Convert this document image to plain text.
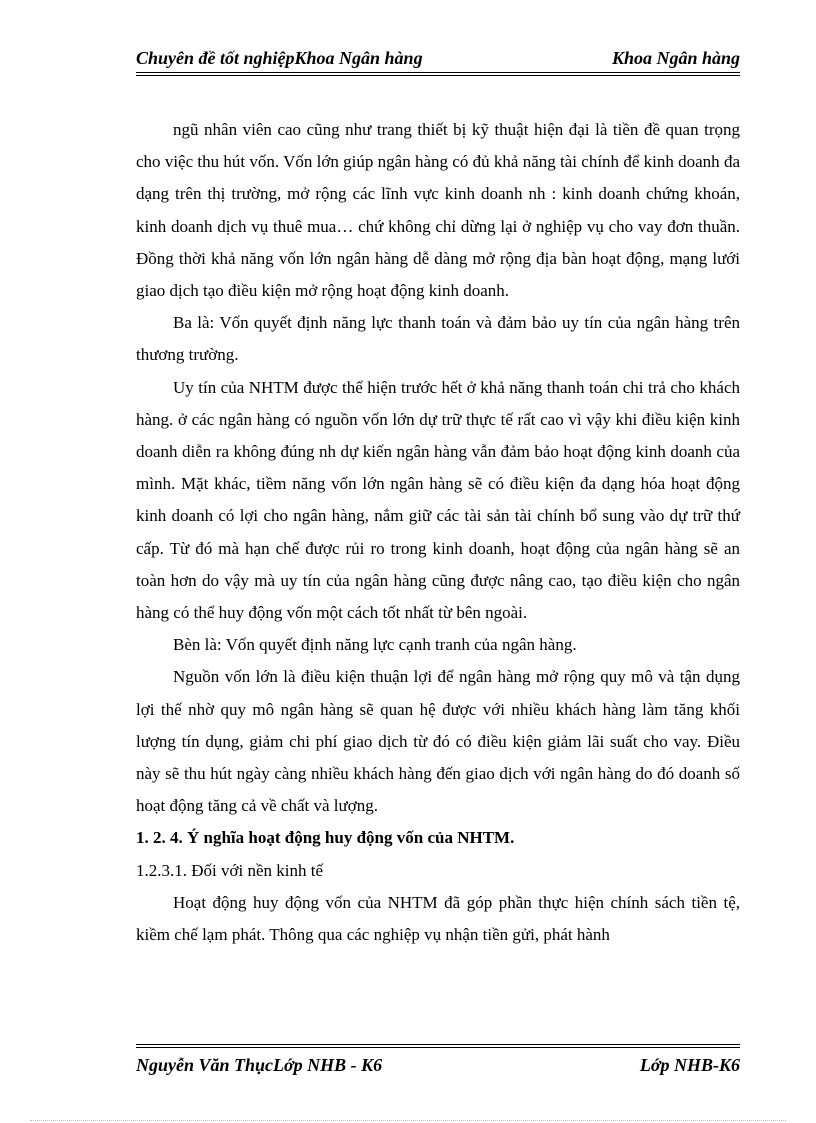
Chuyên đề tốt nghiệpKhoa Ngân hàng	Khoa Ngân hàng

ngũ nhân viên cao cũng như trang thiết bị kỹ thuật hiện đại là tiền đề quan trọng cho việc thu hút vốn. Vốn lớn giúp ngân hàng có đủ khả năng tài chính để kinh doanh đa dạng trên thị trường, mở rộng các lĩnh vực kinh doanh nh : kinh doanh chứng khoán, kinh doanh dịch vụ thuê mua… chứ không chỉ dừng lại ở nghiệp vụ cho vay đơn thuần. Đồng thời khả năng vốn lớn ngân hàng dễ dàng mở rộng địa bàn hoạt động, mạng lưới giao dịch tạo điều kiện mở rộng hoạt động kinh doanh.

Ba là: Vốn quyết định năng lực thanh toán và đảm bảo uy tín của ngân hàng trên thương trường.

Uy tín của NHTM được thể hiện trước hết ở khả năng thanh toán chi trả cho khách hàng. ở các ngân hàng có nguồn vốn lớn dự trữ thực tế rất cao vì vậy khi điều kiện kinh doanh diễn ra không đúng nh dự kiến ngân hàng vẫn đảm bảo hoạt động kinh doanh của mình. Mặt khác, tiềm năng vốn lớn ngân hàng sẽ có điều kiện đa dạng hóa hoạt động kinh doanh có lợi cho ngân hàng, nắm giữ các tài sản tài chính bổ sung vào dự trữ thứ cấp. Từ đó mà hạn chế được rủi ro trong kinh doanh, hoạt động của ngân hàng sẽ an toàn hơn do vậy mà uy tín của ngân hàng cũng được nâng cao, tạo điều kiện cho ngân hàng có thể huy động vốn một cách tốt nhất từ bên ngoài.

Bèn là: Vốn quyết định năng lực cạnh tranh của ngân hàng.

Nguồn vốn lớn là điều kiện thuận lợi để ngân hàng mở rộng quy mô và tận dụng lợi thế nhờ quy mô ngân hàng sẽ quan hệ được với nhiều khách hàng làm tăng khối lượng tín dụng, giảm chi phí giao dịch từ đó có điều kiện giảm lãi suất cho vay. Điều này sẽ thu hút ngày càng nhiều khách hàng đến giao dịch với ngân hàng do đó doanh số hoạt động tăng cả về chất và lượng.

1. 2. 4. Ý nghĩa hoạt động huy động vốn của NHTM.

1.2.3.1. Đối với nền kinh tế

Hoạt động huy động vốn của NHTM đã góp phần thực hiện chính sách tiền tệ, kiềm chế lạm phát. Thông qua các nghiệp vụ nhận tiền gửi, phát hành

Nguyễn Văn ThụcLớp NHB - K6	Lớp NHB-K6
